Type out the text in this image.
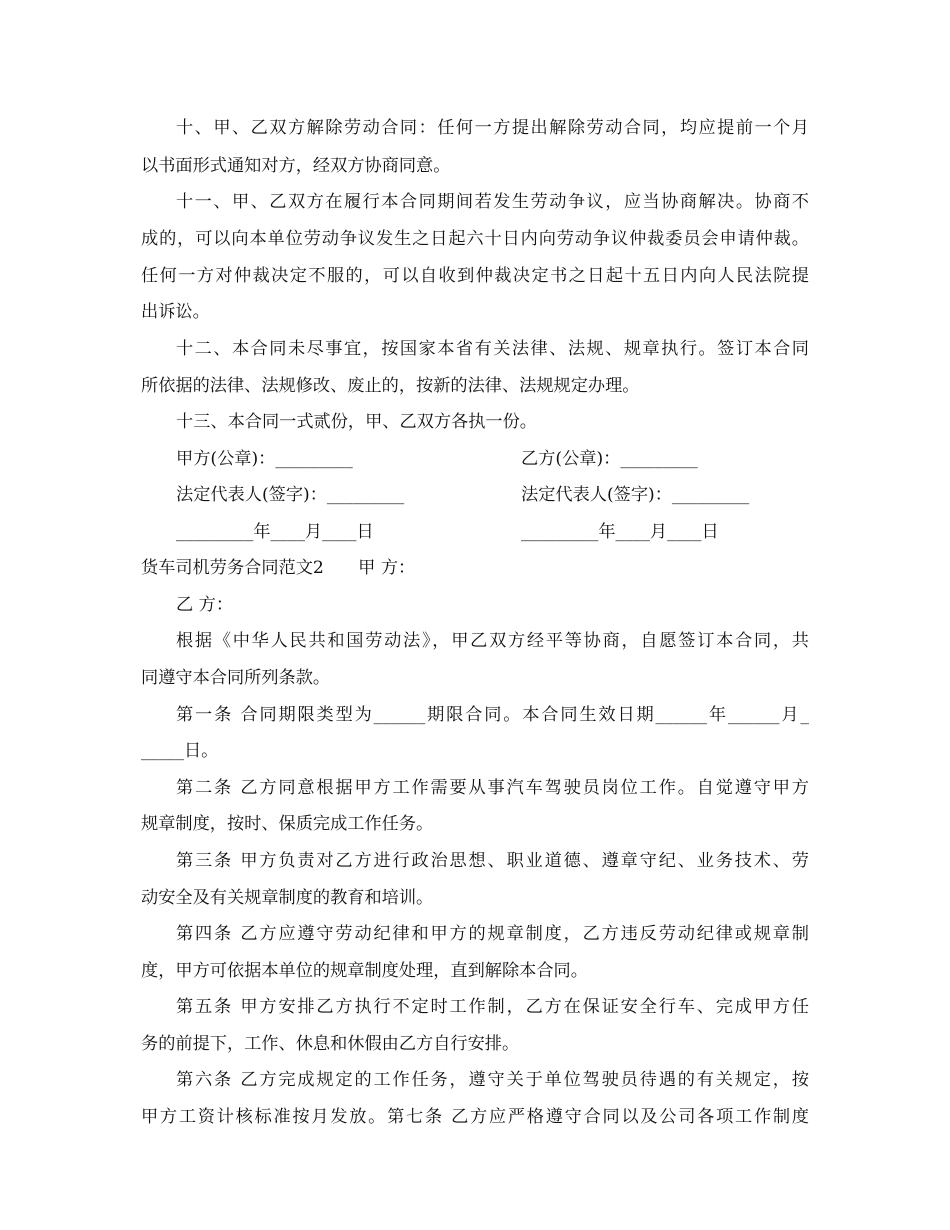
十、甲、乙双方解除劳动合同：任何一方提出解除劳动合同，均应提前一个月
以书面形式通知对方，经双方协商同意。
十一、甲、乙双方在履行本合同期间若发生劳动争议，应当协商解决。协商不
成的，可以向本单位劳动争议发生之日起六十日内向劳动争议仲裁委员会申请仲裁。
任何一方对仲裁决定不服的，可以自收到仲裁决定书之日起十五日内向人民法院提
出诉讼。
十二、本合同未尽事宜，按国家本省有关法律、法规、规章执行。签订本合同
所依据的法律、法规修改、废止的，按新的法律、法规规定办理。
十三、本合同一式贰份，甲、乙双方各执一份。
甲方(公章)：_________	乙方(公章)：_________
法定代表人(签字)：_________	法定代表人(签字)：_________
_________年____月____日	_________年____月____日
货车司机劳务合同范文2　　甲 方：
乙 方：
根据《中华人民共和国劳动法》，甲乙双方经平等协商，自愿签订本合同，共
同遵守本合同所列条款。
第一条 合同期限类型为______期限合同。本合同生效日期______年______月_
_____日。
第二条 乙方同意根据甲方工作需要从事汽车驾驶员岗位工作。自觉遵守甲方
规章制度，按时、保质完成工作任务。
第三条 甲方负责对乙方进行政治思想、职业道德、遵章守纪、业务技术、劳
动安全及有关规章制度的教育和培训。
第四条 乙方应遵守劳动纪律和甲方的规章制度，乙方违反劳动纪律或规章制
度，甲方可依据本单位的规章制度处理，直到解除本合同。
第五条 甲方安排乙方执行不定时工作制，乙方在保证安全行车、完成甲方任
务的前提下，工作、休息和休假由乙方自行安排。
第六条 乙方完成规定的工作任务，遵守关于单位驾驶员待遇的有关规定，按
甲方工资计核标准按月发放。第七条 乙方应严格遵守合同以及公司各项工作制度
